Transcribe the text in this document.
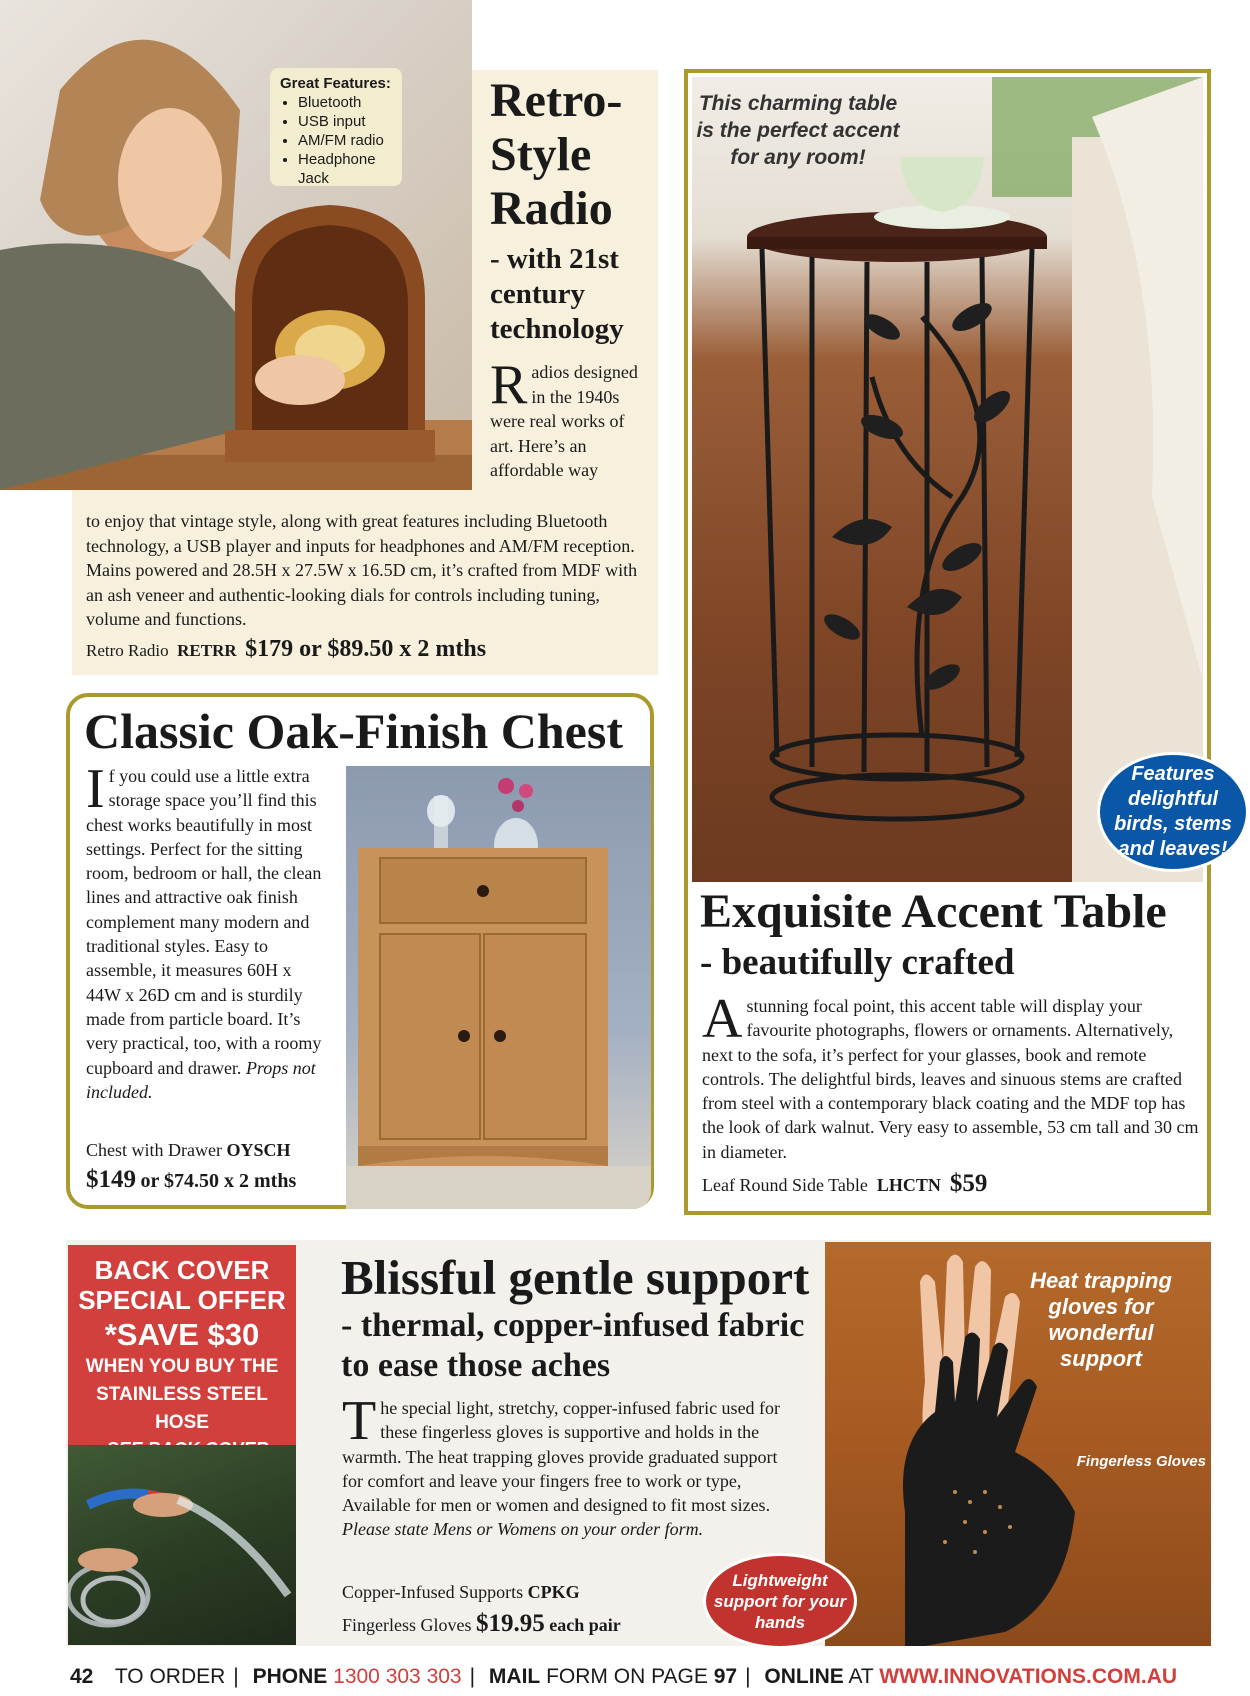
Great Features:
• Bluetooth
• USB input
• AM/FM radio
• Headphone Jack
Retro-
Style
Radio
- with 21st century technology
Radios designed in the 1940s were real works of art. Here’s an affordable way
to enjoy that vintage style, along with great features including Bluetooth technology, a USB player and inputs for headphones and AM/FM reception. Mains powered and 28.5H x 27.5W x 16.5D cm, it’s crafted from MDF with an ash veneer and authentic-looking dials for controls including tuning, volume and functions.
Retro Radio RETRR $179 or $89.50 x 2 mths
Classic Oak-Finish Chest
If you could use a little extra storage space you’ll find this chest works beautifully in most settings. Perfect for the sitting room, bedroom or hall, the clean lines and attractive oak finish complement many modern and traditional styles. Easy to assemble, it measures 60H x 44W x 26D cm and is sturdily made from particle board. It’s very practical, too, with a roomy cupboard and drawer. Props not included.
Chest with Drawer OYSCH
$149 or $74.50 x 2 mths
This charming table is the perfect accent for any room!
Features delightful birds, stems and leaves!
Exquisite Accent Table
- beautifully crafted
Astunning focal point, this accent table will display your favourite photographs, flowers or ornaments. Alternatively, next to the sofa, it’s perfect for your glasses, book and remote controls. The delightful birds, leaves and sinuous stems are crafted from steel with a contemporary black coating and the MDF top has the look of dark walnut. Very easy to assemble, 53 cm tall and 30 cm in diameter.
Leaf Round Side Table LHCTN $59
BACK COVER SPECIAL OFFER
*SAVE $30
WHEN YOU BUY THE STAINLESS STEEL HOSE
Blissful gentle support
- thermal, copper-infused fabric to ease those aches
The special light, stretchy, copper-infused fabric used for these fingerless gloves is supportive and holds in the warmth. The heat trapping gloves provide graduated support for comfort and leave your fingers free to work or type, Available for men or women and designed to fit most sizes. Please state Mens or Womens on your order form.
Copper-Infused Supports CPKG
Fingerless Gloves $19.95 each pair
Heat trapping gloves for wonderful support
Fingerless Gloves
Lightweight support for your hands
42 TO ORDER | PHONE 1300 303 303 | MAIL FORM ON PAGE 97 | ONLINE AT WWW.INNOVATIONS.COM.AU
